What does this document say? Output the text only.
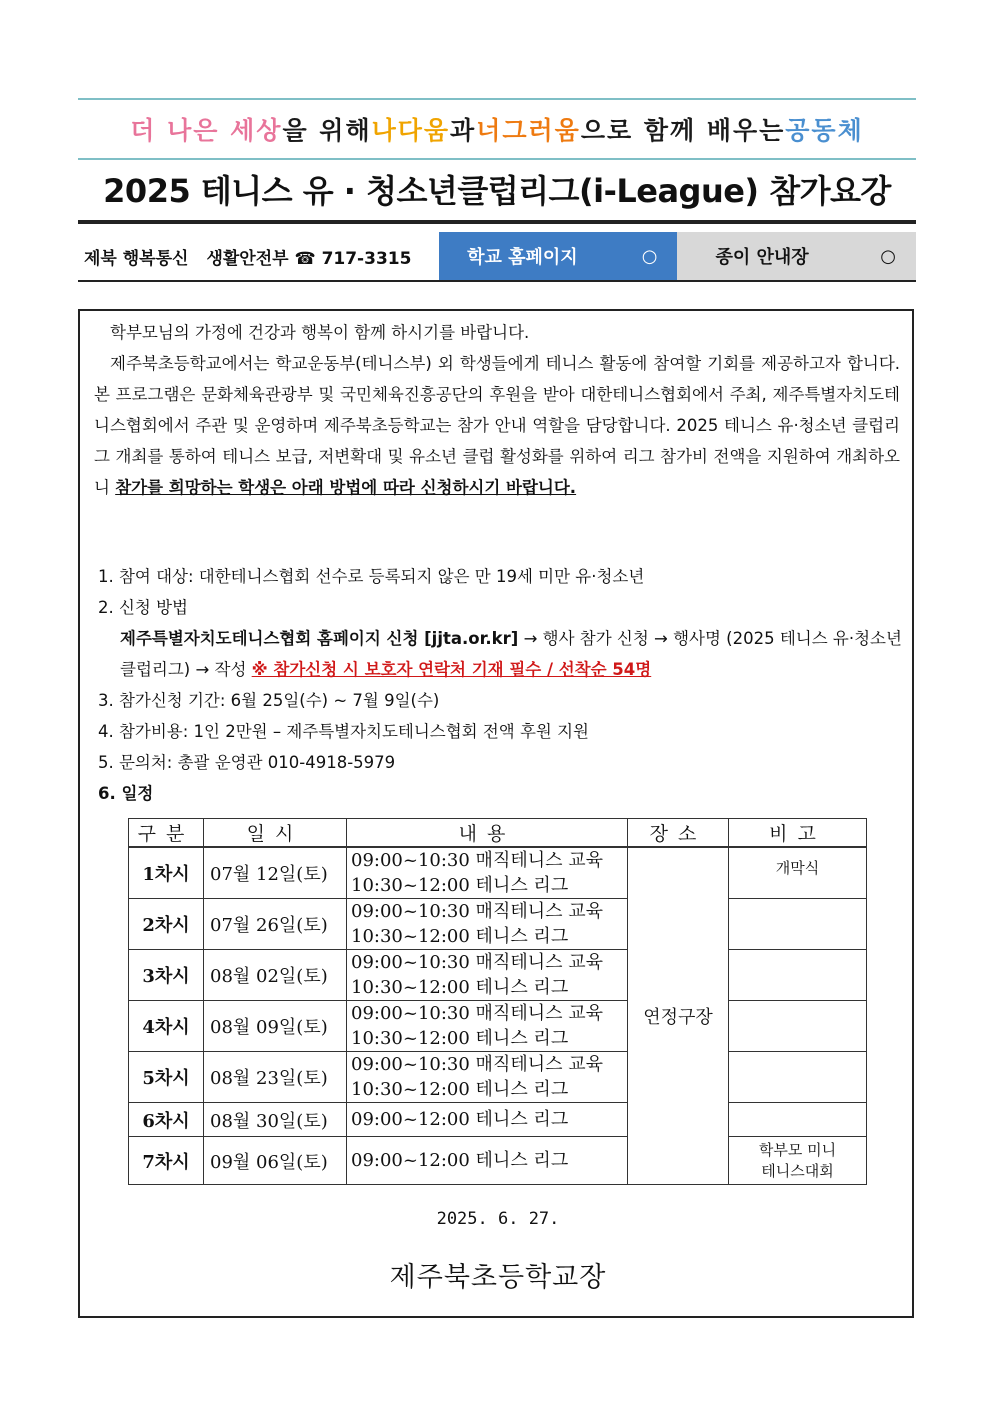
더 나은 세상 을 위해 나다움 과 너그러움 으로 함께 배우는 공동체
2025 테니스 유 · 청소년클럽리그(i-League) 참가요강
제북 행복통신 생활안전부 ☎ 717-3315	학교 홈페이지	○	종이 안내장	○

학부모님의 가정에 건강과 행복이 함께 하시기를 바랍니다.

제주북초등학교에서는 학교운동부(테니스부) 외 학생들에게 테니스 활동에 참여할 기회를 제공하고자 합니다. 본 프로그램은 문화체육관광부 및 국민체육진흥공단의 후원을 받아 대한테니스협회에서 주최, 제주특별자치도테니스협회에서 주관 및 운영하며 제주북초등학교는 참가 안내 역할을 담당합니다. 2025 테니스 유·청소년 클럽리그 개최를 통하여 테니스 보급, 저변확대 및 유소년 클럽 활성화를 위하여 리그 참가비 전액을 지원하여 개최하오니 참가를 희망하는 학생은 아래 방법에 따라 신청하시기 바랍니다.

1. 참여 대상: 대한테니스협회 선수로 등록되지 않은 만 19세 미만 유·청소년

2. 신청 방법

제주특별자치도테니스협회 홈페이지 신청 [jjta.or.kr] → 행사 참가 신청 → 행사명 (2025 테니스 유·청소년 클럽리그) → 작성 ※ 참가신청 시 보호자 연락처 기재 필수 / 선착순 54명

3. 참가신청 기간: 6월 25일(수) ~ 7월 9일(수)

4. 참가비용: 1인 2만원 – 제주특별자치도테니스협회 전액 후원 지원

5. 문의처: 총괄 운영관 010-4918-5979

6. 일정

구분	일시	내용	장소	비고
1차시	07월 12일(토)	09:00~10:30 매직테니스 교육
10:30~12:00 테니스 리그	연정구장	개막식
2차시	07월 26일(토)	09:00~10:30 매직테니스 교육
10:30~12:00 테니스 리그		

3차시	08월 02일(토)	09:00~10:30 매직테니스 교육
10:30~12:00 테니스 리그		

4차시	08월 09일(토)	09:00~10:30 매직테니스 교육
10:30~12:00 테니스 리그		

5차시	08월 23일(토)	09:00~10:30 매직테니스 교육
10:30~12:00 테니스 리그		

6차시	08월 30일(토)	09:00~12:00 테니스 리그		

7차시	09월 06일(토)	09:00~12:00 테니스 리그		학부모 미니
테니스대회
2025. 6. 27.
제주북초등학교장
